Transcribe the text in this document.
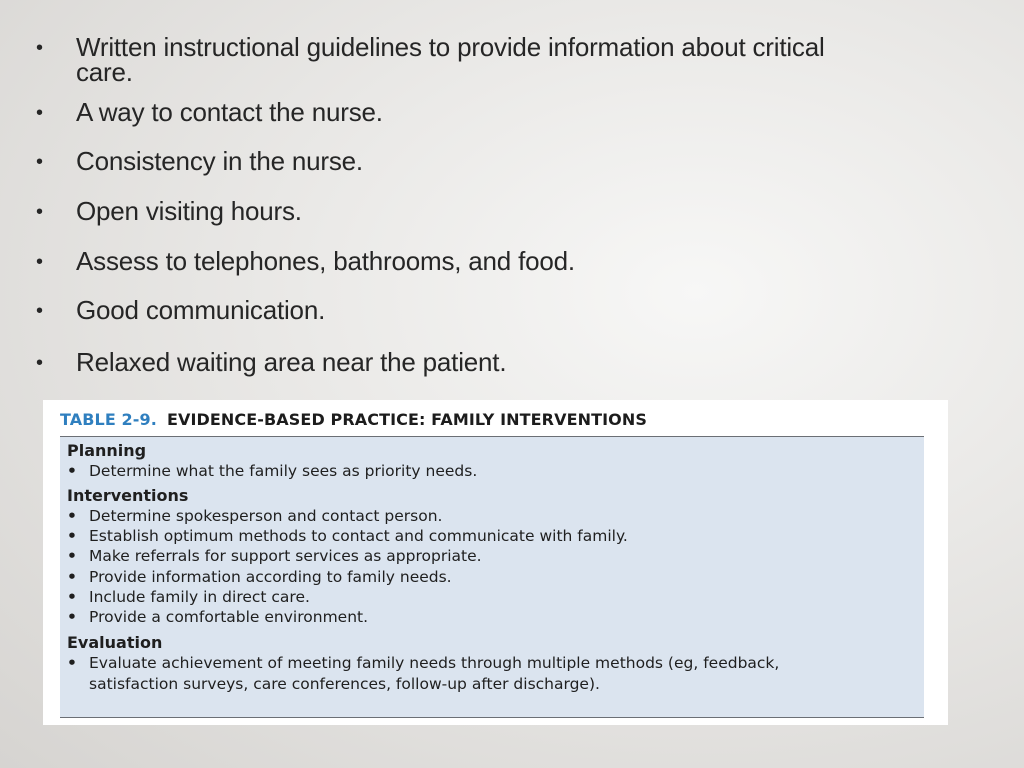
• Written instructional guidelines to provide information about critical care.
• A way to contact the nurse.
• Consistency in the nurse.
• Open visiting hours.
• Assess to telephones, bathrooms, and food.
• Good communication.
• Relaxed waiting area near the patient.
TABLE 2-9. EVIDENCE-BASED PRACTICE: FAMILY INTERVENTIONS
Planning
• Determine what the family sees as priority needs.
Interventions
• Determine spokesperson and contact person.
• Establish optimum methods to contact and communicate with family.
• Make referrals for support services as appropriate.
• Provide information according to family needs.
• Include family in direct care.
• Provide a comfortable environment.
Evaluation
• Evaluate achievement of meeting family needs through multiple methods (eg, feedback, satisfaction surveys, care conferences, follow-up after discharge).
